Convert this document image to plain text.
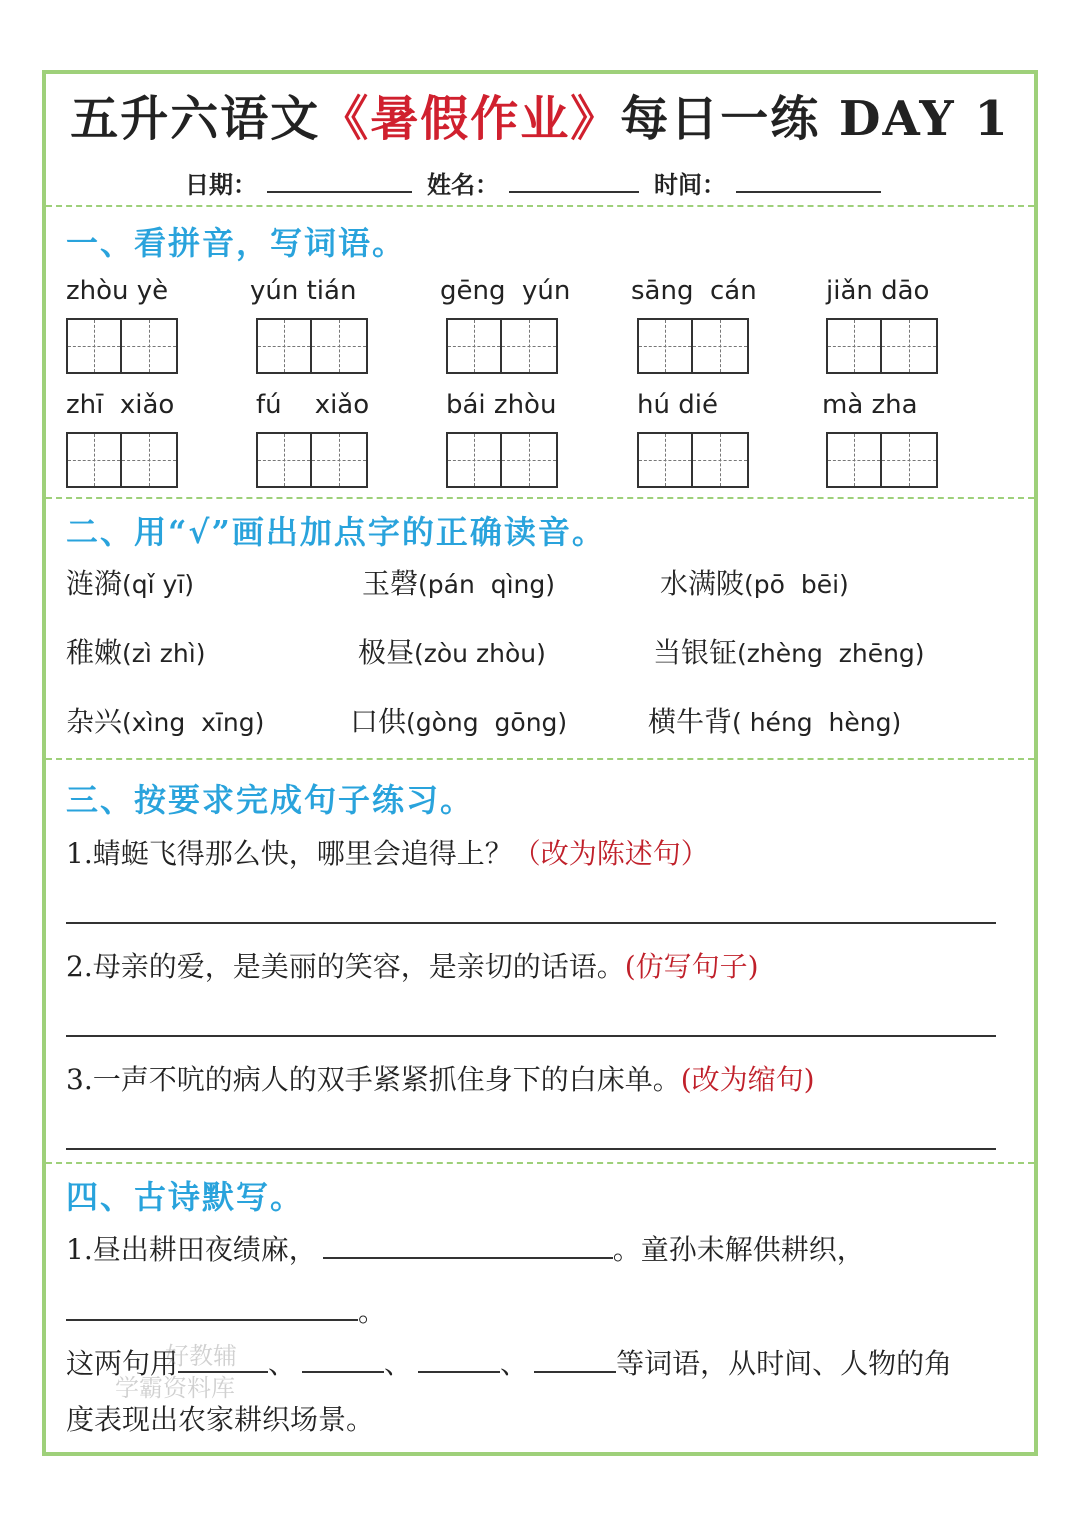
五升六语文《暑假作业》每日一练 DAY 1
日期：	姓名：	时间：
一、看拼音，写词语。
zhòu yè	yún tián	gēng  yún	sāng  cán	jiǎn dāo
zhī  xiǎo	fú    xiǎo	bái zhòu	hú dié	mà zha
二、用“√”画出加点字的正确读音。
涟漪(qǐ yī)	玉磬(pán  qìng)	水满陂(pō  bēi)
稚嫩(zì zhì)	极昼(zòu zhòu)	当银钲(zhèng  zhēng)
杂兴(xìng  xīng)	口供(gòng  gōng)	横牛背( héng  hèng)
三、按要求完成句子练习。
1.蜻蜓飞得那么快，哪里会追得上？（改为陈述句）
2.母亲的爱，是美丽的笑容，是亲切的话语。(仿写句子)
3.一声不吭的病人的双手紧紧抓住身下的白床单。(改为缩句)
四、古诗默写。
1.昼出耕田夜绩麻，	。童孙未解供耕织，
。
这两句用	、	、	、	等词语，从时间、人物的角
度表现出农家耕织场景。
好教辅
学霸资料库
